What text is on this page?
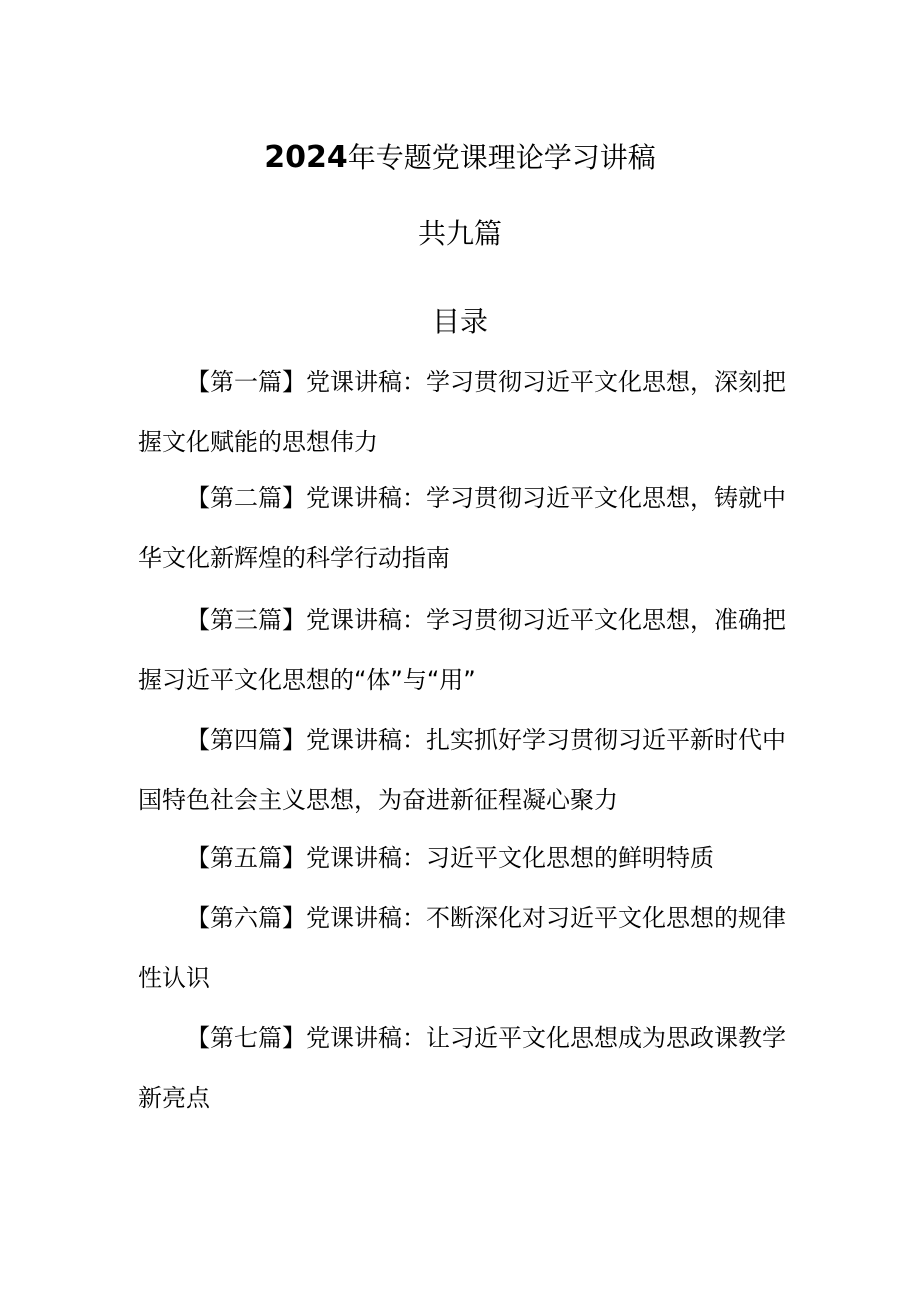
2024年专题党课理论学习讲稿
共九篇
目录
【第一篇】党课讲稿：学习贯彻习近平文化思想，深刻把握文化赋能的思想伟力
【第二篇】党课讲稿：学习贯彻习近平文化思想，铸就中华文化新辉煌的科学行动指南
【第三篇】党课讲稿：学习贯彻习近平文化思想，准确把握习近平文化思想的“体”与“用”
【第四篇】党课讲稿：扎实抓好学习贯彻习近平新时代中国特色社会主义思想，为奋进新征程凝心聚力
【第五篇】党课讲稿：习近平文化思想的鲜明特质
【第六篇】党课讲稿：不断深化对习近平文化思想的规律性认识
【第七篇】党课讲稿：让习近平文化思想成为思政课教学新亮点
